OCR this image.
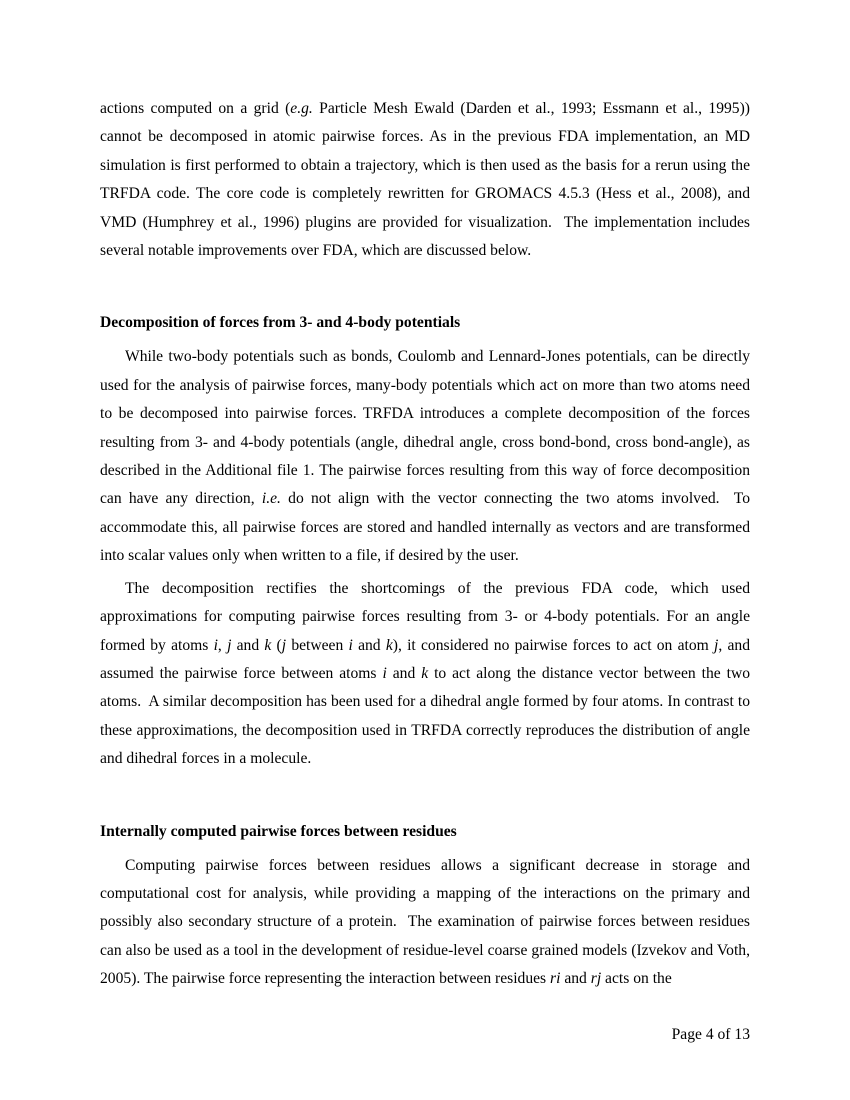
actions computed on a grid (e.g. Particle Mesh Ewald (Darden et al., 1993; Essmann et al., 1995)) cannot be decomposed in atomic pairwise forces. As in the previous FDA implementation, an MD simulation is first performed to obtain a trajectory, which is then used as the basis for a rerun using the TRFDA code. The core code is completely rewritten for GROMACS 4.5.3 (Hess et al., 2008), and VMD (Humphrey et al., 1996) plugins are provided for visualization.  The implementation includes several notable improvements over FDA, which are discussed below.

Decomposition of forces from 3- and 4-body potentials

While two-body potentials such as bonds, Coulomb and Lennard-Jones potentials, can be directly used for the analysis of pairwise forces, many-body potentials which act on more than two atoms need to be decomposed into pairwise forces. TRFDA introduces a complete decomposition of the forces resulting from 3- and 4-body potentials (angle, dihedral angle, cross bond-bond, cross bond-angle), as described in the Additional file 1. The pairwise forces resulting from this way of force decomposition can have any direction, i.e. do not align with the vector connecting the two atoms involved.  To accommodate this, all pairwise forces are stored and handled internally as vectors and are transformed into scalar values only when written to a file, if desired by the user.

The decomposition rectifies the shortcomings of the previous FDA code, which used approximations for computing pairwise forces resulting from 3- or 4-body potentials. For an angle formed by atoms i, j and k (j between i and k), it considered no pairwise forces to act on atom j, and assumed the pairwise force between atoms i and k to act along the distance vector between the two atoms.  A similar decomposition has been used for a dihedral angle formed by four atoms. In contrast to these approximations, the decomposition used in TRFDA correctly reproduces the distribution of angle and dihedral forces in a molecule.

Internally computed pairwise forces between residues

Computing pairwise forces between residues allows a significant decrease in storage and computational cost for analysis, while providing a mapping of the interactions on the primary and possibly also secondary structure of a protein.  The examination of pairwise forces between residues can also be used as a tool in the development of residue-level coarse grained models (Izvekov and Voth, 2005). The pairwise force representing the interaction between residues ri and rj acts on the

Page 4 of 13
